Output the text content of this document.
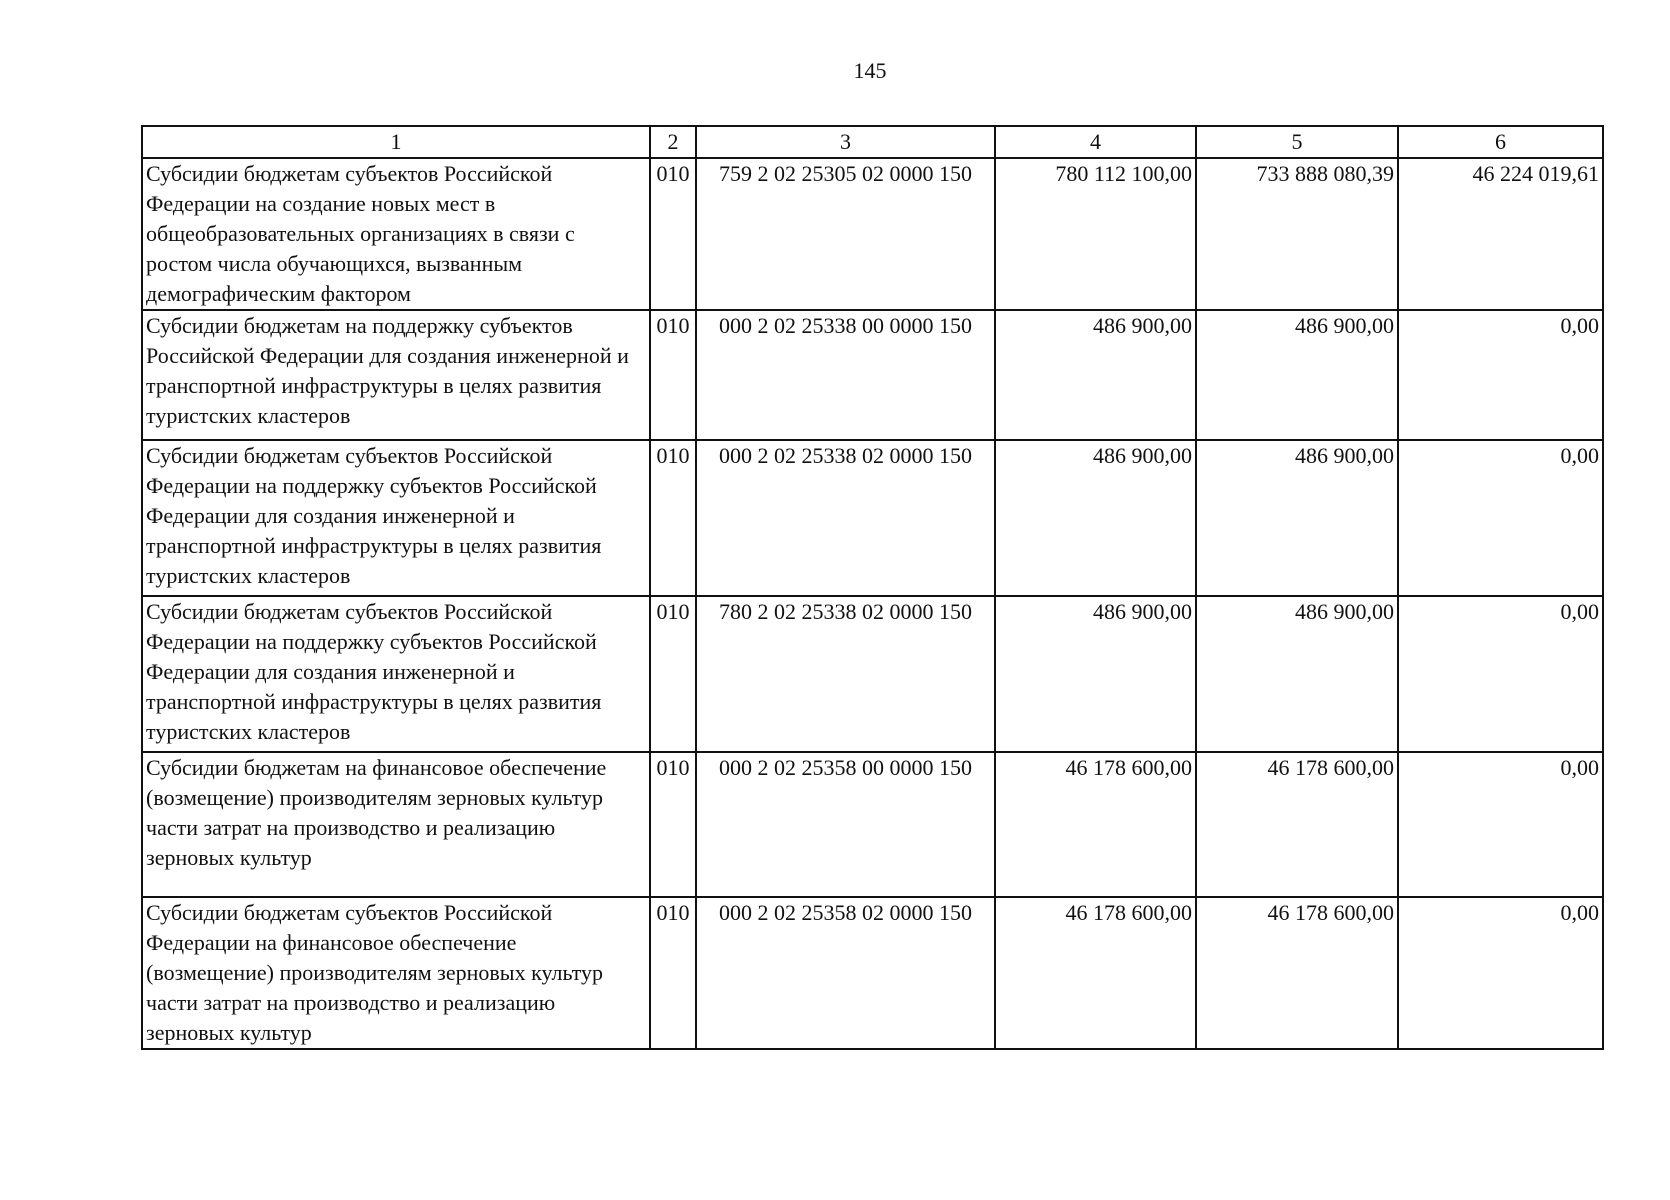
145
1	2	3	4	5	6

Субсидии бюджетам субъектов Российской Федерации на создание новых мест в общеобразовательных организациях в связи с ростом числа обучающихся, вызванным демографическим фактором	010	759 2 02 25305 02 0000 150	780 112 100,00	733 888 080,39	46 224 019,61

Субсидии бюджетам на поддержку субъектов Российской Федерации для создания инженерной и транспортной инфраструктуры в целях развития туристских кластеров	010	000 2 02 25338 00 0000 150	486 900,00	486 900,00	0,00

Субсидии бюджетам субъектов Российской Федерации на поддержку субъектов Российской Федерации для создания инженерной и транспортной инфраструктуры в целях развития туристских кластеров	010	000 2 02 25338 02 0000 150	486 900,00	486 900,00	0,00

Субсидии бюджетам субъектов Российской Федерации на поддержку субъектов Российской Федерации для создания инженерной и транспортной инфраструктуры в целях развития туристских кластеров	010	780 2 02 25338 02 0000 150	486 900,00	486 900,00	0,00

Субсидии бюджетам на финансовое обеспечение (возмещение) производителям зерновых культур части затрат на производство и реализацию зерновых культур	010	000 2 02 25358 00 0000 150	46 178 600,00	46 178 600,00	0,00

Субсидии бюджетам субъектов Российской Федерации на финансовое обеспечение (возмещение) производителям зерновых культур части затрат на производство и реализацию зерновых культур	010	000 2 02 25358 02 0000 150	46 178 600,00	46 178 600,00	0,00
